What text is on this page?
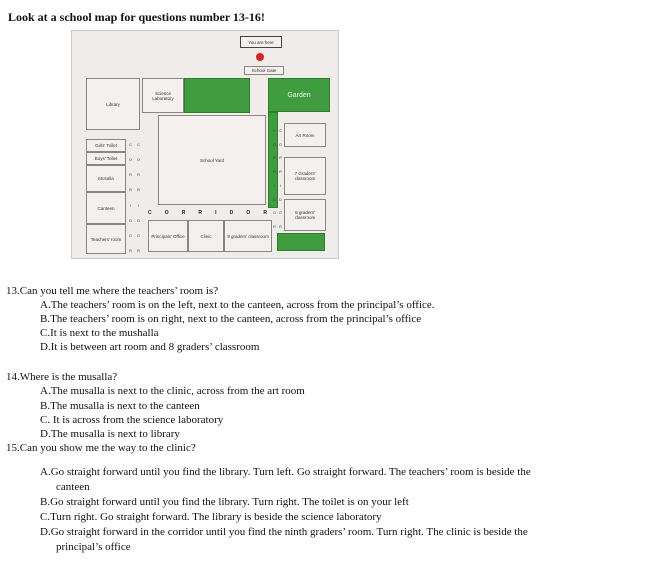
Look at a school map for questions number 13-16!
You are here
School Gate
Library
Science Laboratory	Garden
School Yard
Art Room
7 Graders' classroom
8 graders' classroom
Girls' Toilet
Boys' Toilet
Musalla
Canteen
Teachers' room
Principals' Office	Clinic	9 graders' classroom
C O R R I D O R
C
O
R
R
I
D
O
R
C
O
R
R
I
D
O
R
C
O
R
R
I
D
O
R
C
O
R
R
I
D
O
R
13.Can you tell me where the teachers’ room is?
A.The teachers’ room is on the left, next to the canteen, across from the principal’s office.
B.The teachers’ room is on right, next to the canteen, across from the principal’s office
C.It is next to the mushalla
D.It is between art room and 8 graders’ classroom
14.Where is the musalla?
A.The musalla is next to the clinic, across from the art room
B.The musalla is next to the canteen
C. It is across from the science laboratory
D.The musalla is next to library
15.Can you show me the way to the clinic?
A.Go straight forward until you find the library. Turn left. Go straight forward. The teachers’ room is beside the
canteen
B.Go straight forward until you find the library. Turn right. The toilet is on your left
C.Turn right. Go straight forward. The library is beside the science laboratory
D.Go straight forward in the corridor until you find the ninth graders’ room. Turn right. The clinic is beside the
principal’s office
